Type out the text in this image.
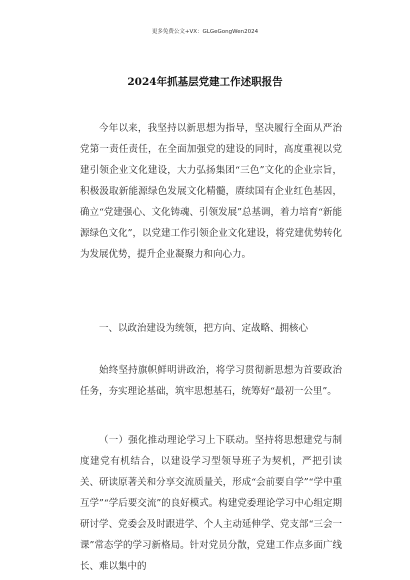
更多免费公文+VX：GLGeGongWen2024
2024年抓基层党建工作述职报告

今年以来，我坚持以新思想为指导，坚决履行全面从严治党第一责任责任，在全面加强党的建设的同时，高度重视以党建引领企业文化建设，大力弘扬集团“三色”文化的企业宗旨，积极汲取新能源绿色发展文化精髓，赓续国有企业红色基因，确立“党建强心、文化铸魂、引领发展”总基调，着力培育“新能源绿色文化”，以党建工作引领企业文化建设，将党建优势转化为发展优势，提升企业凝聚力和向心力。

一、以政治建设为统领，把方向、定战略、拥核心

始终坚持旗帜鲜明讲政治，将学习贯彻新思想为首要政治任务，夯实理论基础，筑牢思想基石，统筹好“最初一公里”。

（一）强化推动理论学习上下联动。坚持将思想建党与制度建党有机结合，以建设学习型领导班子为契机，严把引读关、研读原著关和分享交流质量关，形成“会前要自学”“学中重互学”“学后要交流”的良好模式。构建党委理论学习中心组定期研讨学、党委会及时跟进学、个人主动延伸学、党支部“三会一课”常态学的学习新格局。针对党员分散，党建工作点多面广线长、难以集中的
